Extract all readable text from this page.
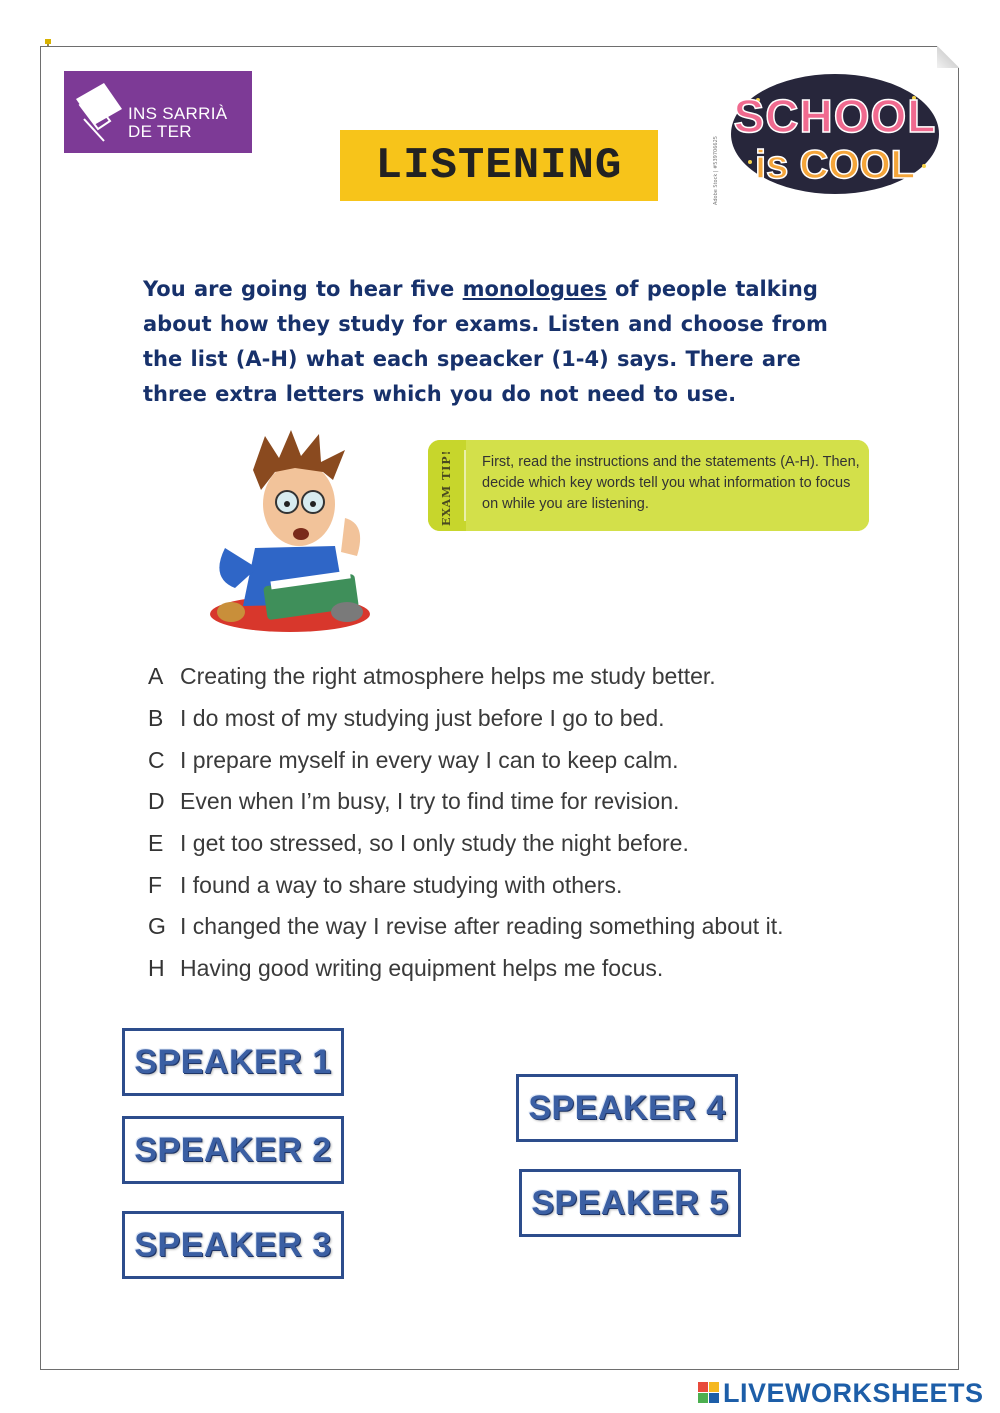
INS SARRIÀ
DE TER
LISTENING
SCHOOL
is COOL
Adobe Stock | #539706625
You are going to hear five monologues of people talking about how they study for exams. Listen and choose from the list (A-H) what each speacker (1-4) says. There are three extra letters which you do not need to use.
EXAM TIP! First, read the instructions and the statements (A-H). Then, decide which key words tell you what information to focus on while you are listening.
A Creating the right atmosphere helps me study better.
B I do most of my studying just before I go to bed.
C I prepare myself in every way I can to keep calm.
D Even when I’m busy, I try to find time for revision.
E I get too stressed, so I only study the night before.
F I found a way to share studying with others.
G I changed the way I revise after reading something about it.
H Having good writing equipment helps me focus.
SPEAKER 1
SPEAKER 2
SPEAKER 3
SPEAKER 4
SPEAKER 5
LIVEWORKSHEETS
